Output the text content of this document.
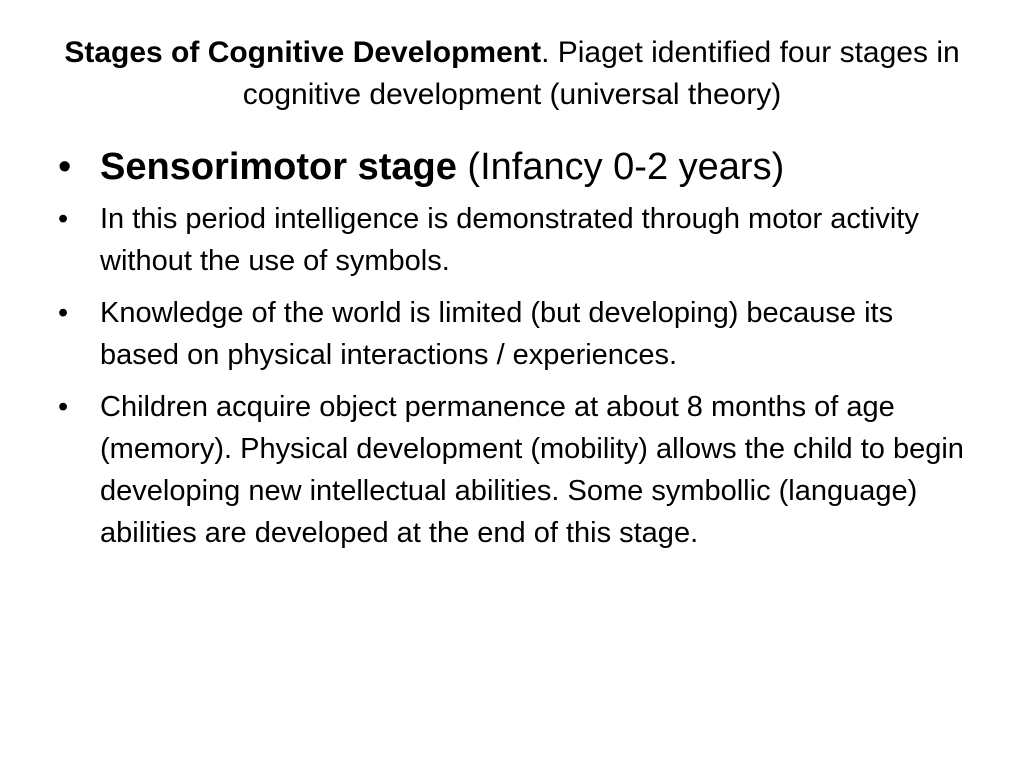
Stages of Cognitive Development. Piaget identified four stages in cognitive development (universal theory)
• Sensorimotor stage (Infancy 0-2 years)
•	In this period intelligence is demonstrated through motor activity without the use of symbols.
•	Knowledge of the world is limited (but developing) because its based on physical interactions / experiences.
•	Children acquire object permanence at about 8 months of age (memory). Physical development (mobility) allows the child to begin developing new intellectual abilities. Some symbollic (language) abilities are developed at the end of this stage.
